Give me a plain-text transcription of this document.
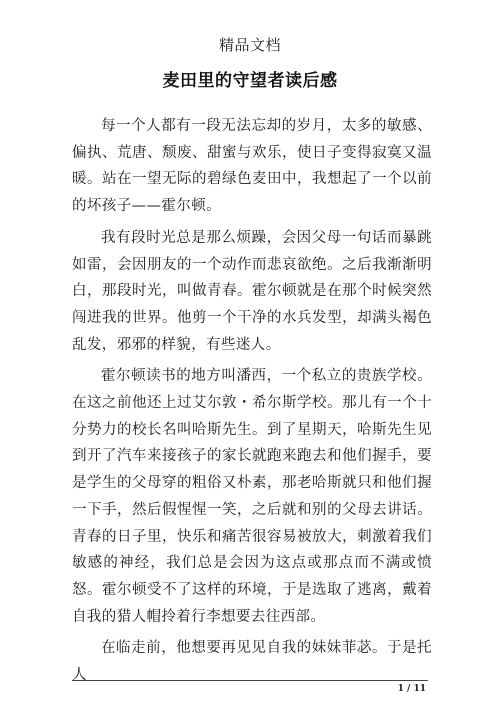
精品文档
麦田里的守望者读后感

每一个人都有一段无法忘却的岁月，太多的敏感、偏执、荒唐、颓废、甜蜜与欢乐，使日子变得寂寞又温暖。站在一望无际的碧绿色麦田中，我想起了一个以前的坏孩子——霍尔顿。

我有段时光总是那么烦躁，会因父母一句话而暴跳如雷，会因朋友的一个动作而悲哀欲绝。之后我渐渐明白，那段时光，叫做青春。霍尔顿就是在那个时候突然闯进我的世界。他剪一个干净的水兵发型，却满头褐色乱发，邪邪的样貌，有些迷人。

霍尔顿读书的地方叫潘西，一个私立的贵族学校。在这之前他还上过艾尔敦・希尔斯学校。那儿有一个十分势力的校长名叫哈斯先生。到了星期天，哈斯先生见到开了汽车来接孩子的家长就跑来跑去和他们握手，要是学生的父母穿的粗俗又朴素，那老哈斯就只和他们握一下手，然后假惺惺一笑，之后就和别的父母去讲话。青春的日子里，快乐和痛苦很容易被放大，刺激着我们敏感的神经，我们总是会因为这点或那点而不满或愤怒。霍尔顿受不了这样的环境，于是选取了逃离，戴着自我的猎人帽拎着行李想要去往西部。

在临走前，他想要再见见自我的妹妹菲苾。于是托人

1 / 11
